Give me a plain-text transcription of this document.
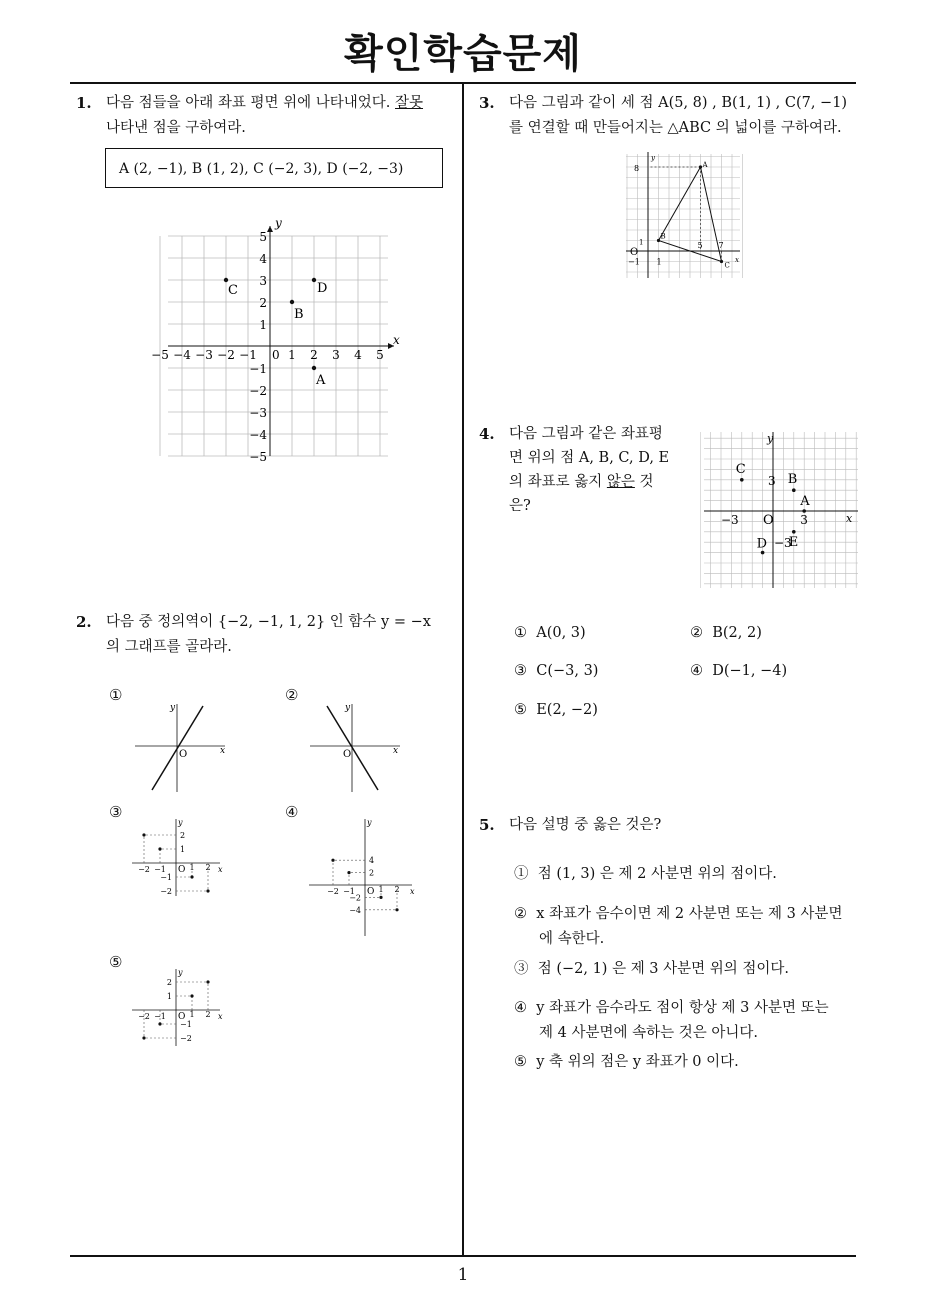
확인학습문제
1
1. 다음 점들을 아래 좌표 평면 위에 나타내었다. 잘못
나타낸 점을 구하여라.
A (2, −1), B (1, 2), C (−2, 3), D (−2, −3)
x
y
0
−5 −4 −3 −2 −1	1 2 3 4 5
5
4
3
2
1
−1
−2
−3
−4
−5
A
B
C	D
2. 다음 중 정의역이 {−2, −1, 1, 2} 인 함수 y = −x
의 그래프를 골라라.
①
x
y
O
②
x
y
O
③
x
y
O
−2 −1	1 2
2
1
−1
−2
④
x
y
O
−2 −1	1 2
4
2
−2
−4
⑤
x
y
O
−2 −1	1 2
2
1
−1
−2
3. 다음 그림과 같이 세 점 A(5, 8) , B(1, 1) , C(7, −1)
를 연결할 때 만들어지는 △ABC 의 넓이를 구하여라.
x
y
O
8
1
−1 1
5 7
A
B
C
4. 다음 그림과 같은 좌표평
면 위의 점 A, B, C, D, E
의 좌표로 옳지 않은 것
은?
x
y
O 3
−3
3
−3
A
B
C
D E
① A(0, 3)	② B(2, 2)
③ C(−3, 3)	④ D(−1, −4)
⑤ E(2, −2)
5. 다음 설명 중 옳은 것은?
① 점 (1, 3) 은 제 2 사분면 위의 점이다.
② x 좌표가 음수이면 제 2 사분면 또는 제 3 사분면
에 속한다.
③ 점 (−2, 1) 은 제 3 사분면 위의 점이다.
④ y 좌표가 음수라도 점이 항상 제 3 사분면 또는
제 4 사분면에 속하는 것은 아니다.
⑤ y 축 위의 점은 y 좌표가 0 이다.
